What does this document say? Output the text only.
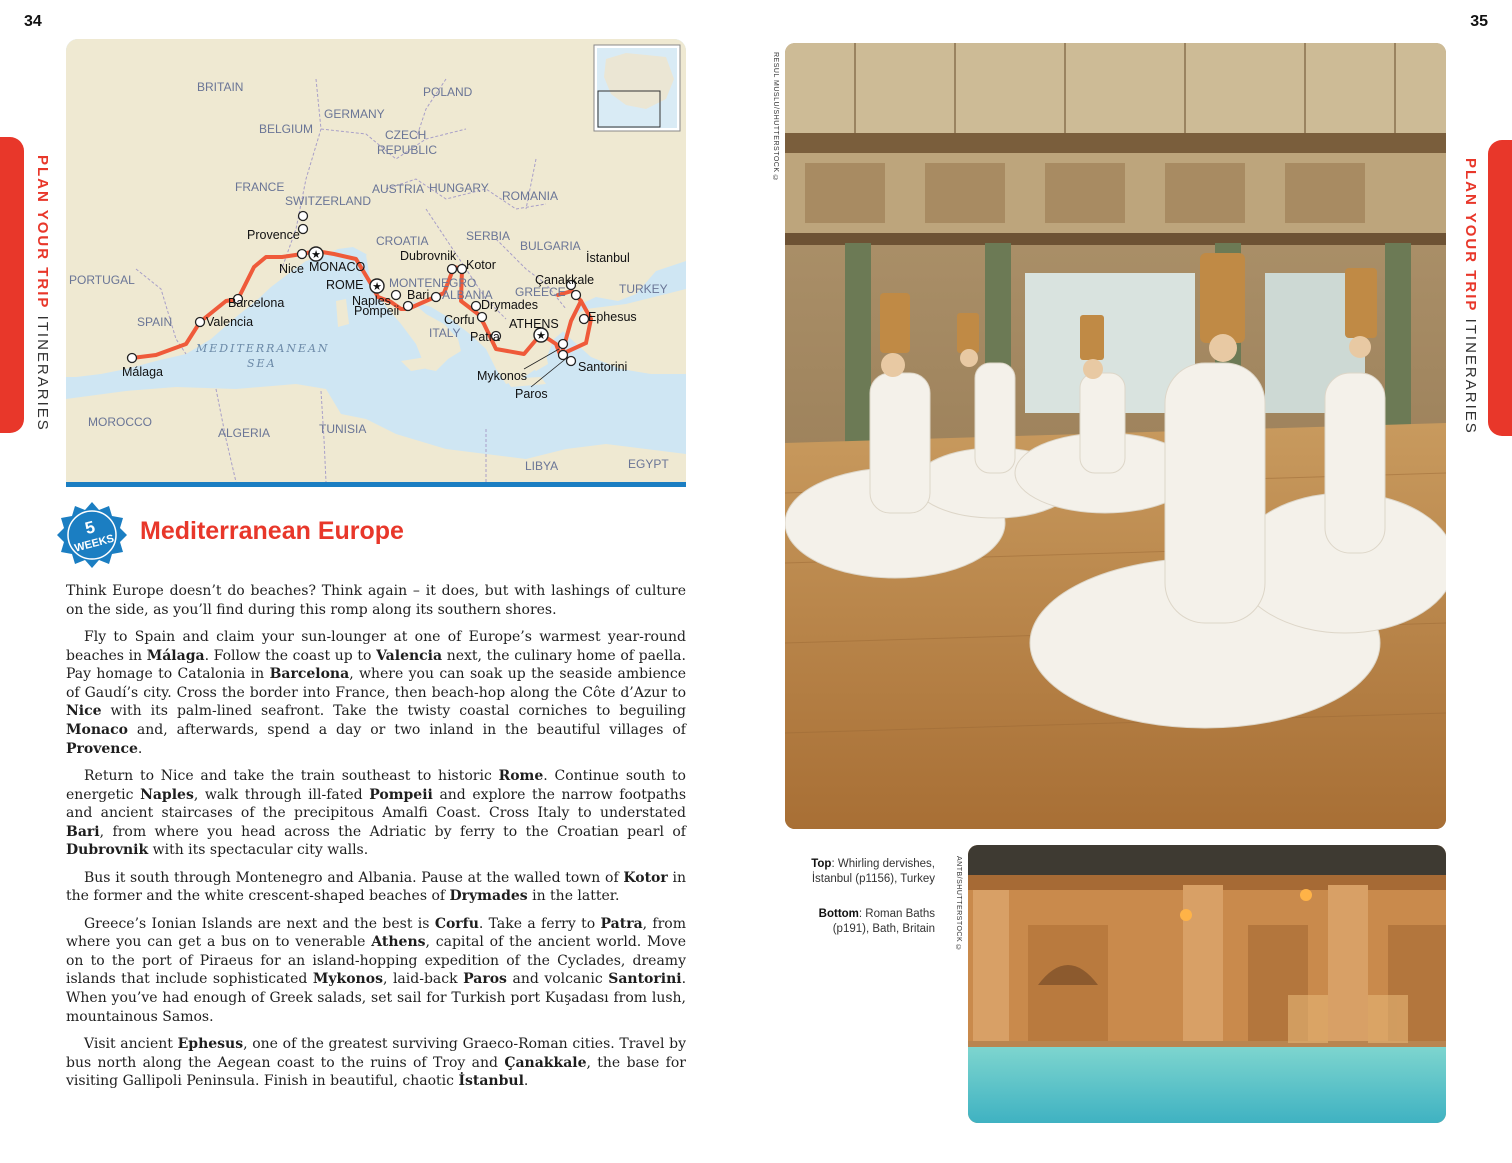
34	35
PLAN YOUR TRIP ITINERARIES
PLAN YOUR TRIP ITINERARIES
★
★
★
BRITAIN	POLAND
GERMANY
BELGIUM	CZECH
REPUBLIC
FRANCE	AUSTRIA HUNGARY
SWITZERLAND	ROMANIA
CROATIA	SERBIA
BULGARIA
MONTENEGRO
ALBANIA
PORTUGAL
SPAIN
ITALY
GREECE	TURKEY
MOROCCO
ALGERIA	TUNISIA
LIBYA	EGYPT
MEDITERRANEAN
SEA
Provence
Nice MONACO
ROME
Barcelona
Valencia
Málaga
Naples
Pompeii
Bari
Dubrovnik
Kotor
Drymades
Corfu	ATHENS
Patra
Mykonos
Paros
Santorini
İstanbul
Çanakkale
Ephesus
5
WEEKS Mediterranean Europe

Think Europe doesn’t do beaches? Think again – it does, but with lashings of culture on the side, as you’ll find during this romp along its southern shores.

Fly to Spain and claim your sun-lounger at one of Europe’s warmest year-round beaches in Málaga. Follow the coast up to Valencia next, the culinary home of paella. Pay homage to Catalonia in Barcelona, where you can soak up the seaside ambience of Gaudí’s city. Cross the border into France, then beach-hop along the Côte d’Azur to Nice with its palm-lined seafront. Take the twisty coastal corniches to beguiling Monaco and, afterwards, spend a day or two inland in the beautiful villages of Provence.

Return to Nice and take the train southeast to historic Rome. Continue south to energetic Naples, walk through ill-fated Pompeii and explore the narrow footpaths and ancient staircases of the precipitous Amalfi Coast. Cross Italy to understated Bari, from where you head across the Adriatic by ferry to the Croatian pearl of Dubrovnik with its spectacular city walls.

Bus it south through Montenegro and Albania. Pause at the walled town of Kotor in the former and the white crescent-shaped beaches of Drymades in the latter.

Greece’s Ionian Islands are next and the best is Corfu. Take a ferry to Patra, from where you can get a bus on to venerable Athens, capital of the ancient world. Move on to the port of Piraeus for an island-hopping expedition of the Cyclades, dreamy islands that include sophisticated Mykonos, laid-back Paros and volcanic Santorini. When you’ve had enough of Greek salads, set sail for Turkish port Kuşadası from lush, mountainous Samos.

Visit ancient Ephesus, one of the greatest surviving Graeco-Roman cities. Travel by bus north along the Aegean coast to the ruins of Troy and Çanakkale, the base for visiting Gallipoli Peninsula. Finish in beautiful, chaotic İstanbul.

RESUL MUSLU/SHUTTERSTOCK ©
ANTB/SHUTTERSTOCK ©
Top: Whirling dervishes, İstanbul (p1156), Turkey
Bottom: Roman Baths (p191), Bath, Britain
